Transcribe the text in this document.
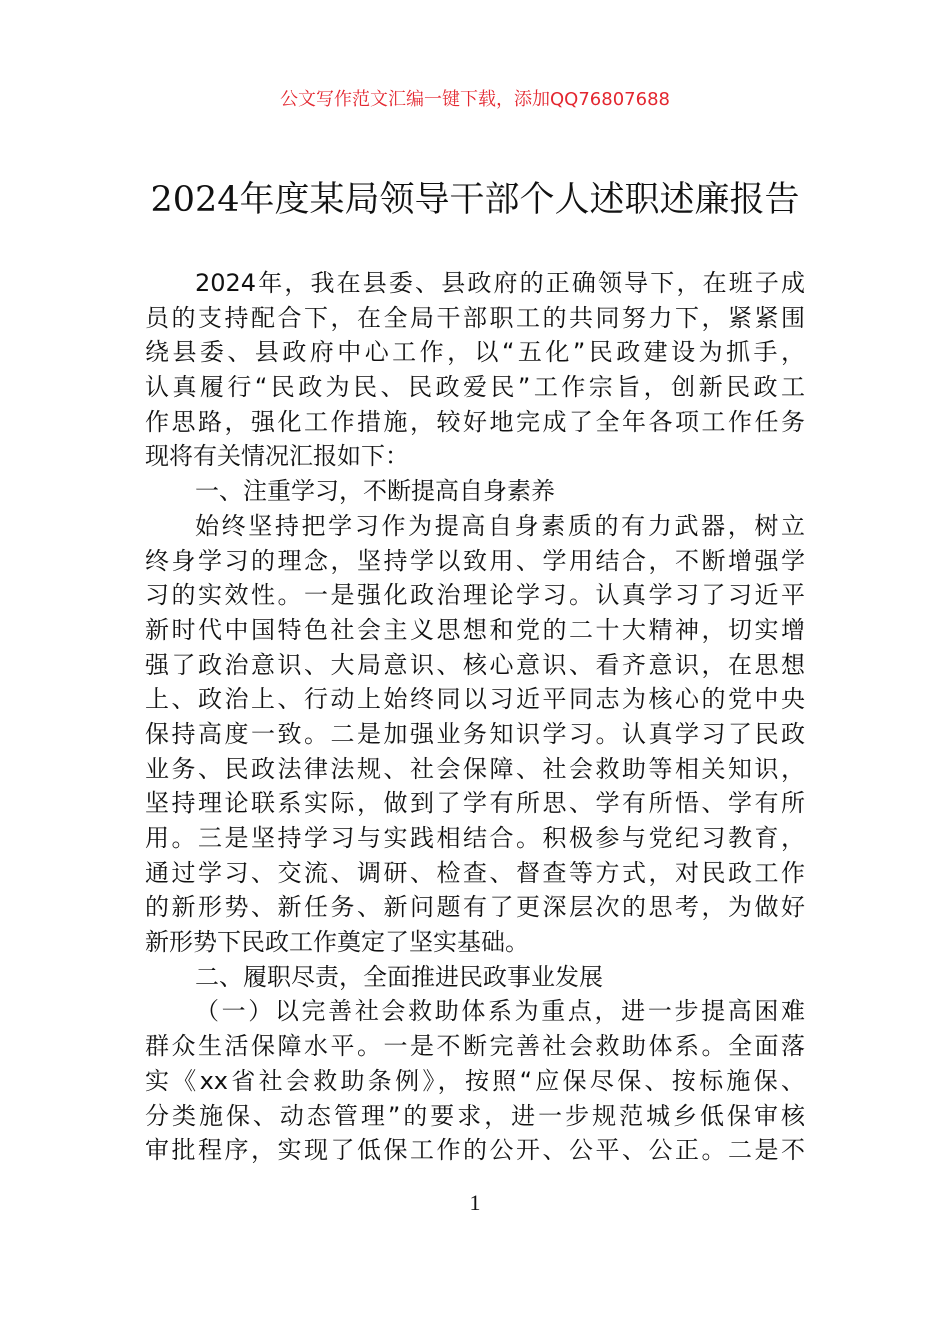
公文写作范文汇编一键下载，添加QQ76807688
2024年度某局领导干部个人述职述廉报告
2024年，我在县委、县政府的正确领导下，在班子成
员的支持配合下，在全局干部职工的共同努力下，紧紧围
绕县委、县政府中心工作，以“五化”民政建设为抓手，
认真履行“民政为民、民政爱民”工作宗旨，创新民政工
作思路，强化工作措施，较好地完成了全年各项工作任务
现将有关情况汇报如下：
一、注重学习，不断提高自身素养
始终坚持把学习作为提高自身素质的有力武器，树立
终身学习的理念，坚持学以致用、学用结合，不断增强学
习的实效性。一是强化政治理论学习。认真学习了习近平
新时代中国特色社会主义思想和党的二十大精神，切实增
强了政治意识、大局意识、核心意识、看齐意识，在思想
上、政治上、行动上始终同以习近平同志为核心的党中央
保持高度一致。二是加强业务知识学习。认真学习了民政
业务、民政法律法规、社会保障、社会救助等相关知识，
坚持理论联系实际，做到了学有所思、学有所悟、学有所
用。三是坚持学习与实践相结合。积极参与党纪习教育，
通过学习、交流、调研、检查、督查等方式，对民政工作
的新形势、新任务、新问题有了更深层次的思考，为做好
新形势下民政工作奠定了坚实基础。
二、履职尽责，全面推进民政事业发展
（一）以完善社会救助体系为重点，进一步提高困难
群众生活保障水平。一是不断完善社会救助体系。全面落
实《xx省社会救助条例》，按照“应保尽保、按标施保、
分类施保、动态管理”的要求，进一步规范城乡低保审核
审批程序，实现了低保工作的公开、公平、公正。二是不
1
